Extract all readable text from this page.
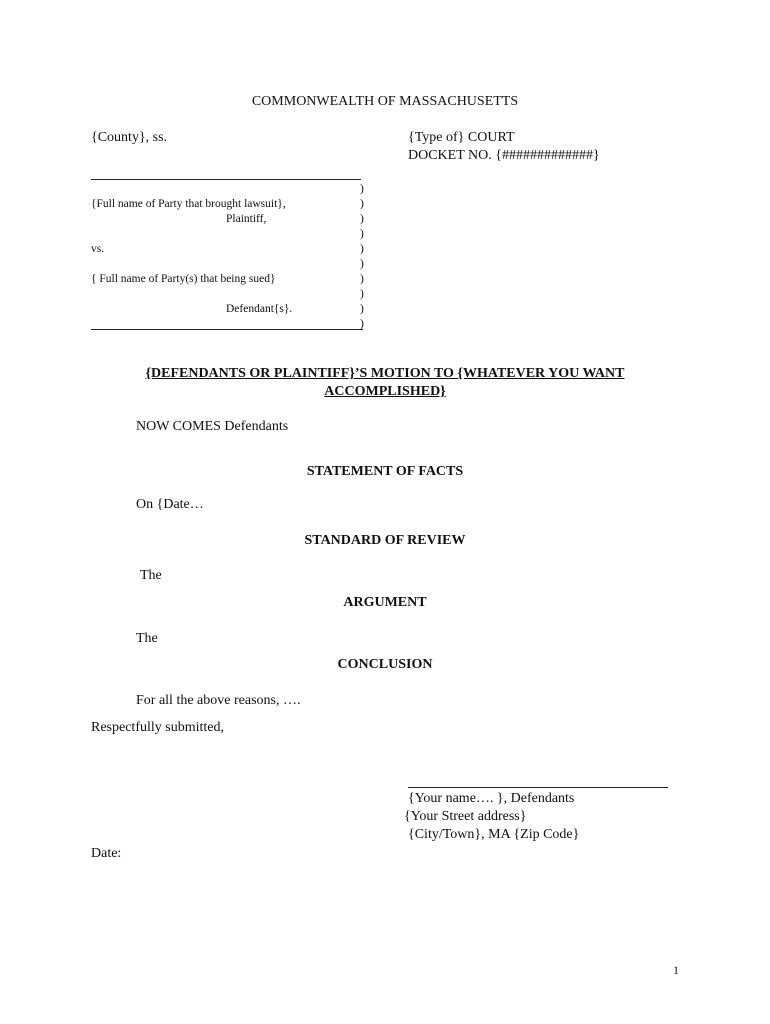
COMMONWEALTH OF MASSACHUSETTS
{County}, ss.	{Type of} COURT
DOCKET NO. {#############}
{Full name of Party that brought lawsuit},
Plaintiff,
vs.
{ Full name of Party(s) that being sued}
Defendant{s}.
)
)
)
)
)
)
)
)
)
)
{DEFENDANTS OR PLAINTIFF}’S MOTION TO {WHATEVER YOU WANT
ACCOMPLISHED}
NOW COMES Defendants
STATEMENT OF FACTS
On {Date…
STANDARD OF REVIEW
The
ARGUMENT
The
CONCLUSION
For all the above reasons, ….
Respectfully submitted,
{Your name…. }, Defendants
{Your Street address}
{City/Town}, MA {Zip Code}
Date:
1
